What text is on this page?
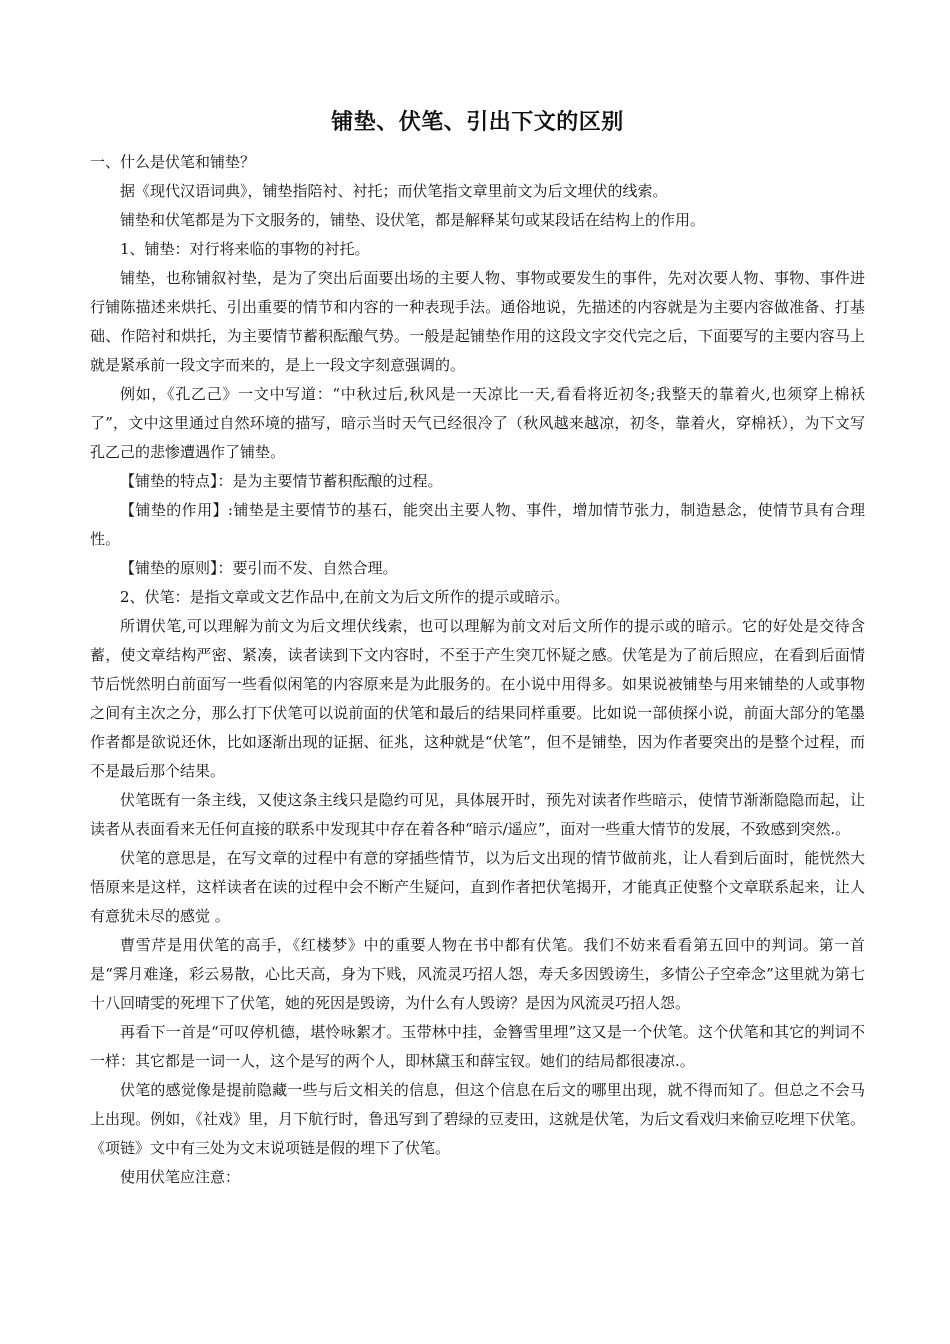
铺垫、伏笔、引出下文的区别

一、什么是伏笔和铺垫？

据《现代汉语词典》，铺垫指陪衬、衬托；而伏笔指文章里前文为后文埋伏的线索。

铺垫和伏笔都是为下文服务的，铺垫、设伏笔，都是解释某句或某段话在结构上的作用。

1、铺垫：对行将来临的事物的衬托。

铺垫，也称铺叙衬垫，是为了突出后面要出场的主要人物、事物或要发生的事件，先对次要人物、事物、事件进行铺陈描述来烘托、引出重要的情节和内容的一种表现手法。通俗地说，先描述的内容就是为主要内容做准备、打基础、作陪衬和烘托，为主要情节蓄积酝酿气势。一般是起铺垫作用的这段文字交代完之后，下面要写的主要内容马上就是紧承前一段文字而来的，是上一段文字刻意强调的。

例如，《孔乙己》一文中写道：“中秋过后,秋风是一天凉比一天,看看将近初冬;我整天的靠着火,也须穿上棉袄了”，文中这里通过自然环境的描写，暗示当时天气已经很冷了（秋风越来越凉，初冬，靠着火，穿棉袄），为下文写孔乙己的悲惨遭遇作了铺垫。

【铺垫的特点】：是为主要情节蓄积酝酿的过程。

【铺垫的作用】:铺垫是主要情节的基石，能突出主要人物、事件，增加情节张力，制造悬念，使情节具有合理性。

【铺垫的原则】：要引而不发、自然合理。

2、伏笔：是指文章或文艺作品中,在前文为后文所作的提示或暗示。

所谓伏笔,可以理解为前文为后文埋伏线索，也可以理解为前文对后文所作的提示或的暗示。它的好处是交待含蓄，使文章结构严密、紧凑，读者读到下文内容时，不至于产生突兀怀疑之感。伏笔是为了前后照应，在看到后面情节后恍然明白前面写一些看似闲笔的内容原来是为此服务的。在小说中用得多。如果说被铺垫与用来铺垫的人或事物之间有主次之分，那么打下伏笔可以说前面的伏笔和最后的结果同样重要。比如说一部侦探小说，前面大部分的笔墨作者都是欲说还休，比如逐渐出现的证据、征兆，这种就是“伏笔”，但不是铺垫，因为作者要突出的是整个过程，而不是最后那个结果。

伏笔既有一条主线，又使这条主线只是隐约可见，具体展开时，预先对读者作些暗示，使情节渐渐隐隐而起，让读者从表面看来无任何直接的联系中发现其中存在着各种“暗示/遥应”，面对一些重大情节的发展，不致感到突然.。

伏笔的意思是，在写文章的过程中有意的穿插些情节，以为后文出现的情节做前兆，让人看到后面时，能恍然大悟原来是这样，这样读者在读的过程中会不断产生疑问，直到作者把伏笔揭开，才能真正使整个文章联系起来，让人有意犹未尽的感觉 。

曹雪芹是用伏笔的高手，《红楼梦》中的重要人物在书中都有伏笔。我们不妨来看看第五回中的判词。第一首是“霁月难逢，彩云易散，心比天高，身为下贱，风流灵巧招人怨，寿夭多因毁谤生，多情公子空牵念”这里就为第七十八回晴雯的死埋下了伏笔，她的死因是毁谤，为什么有人毁谤？是因为风流灵巧招人怨。

再看下一首是“可叹停机德，堪怜咏絮才。玉带林中挂，金簪雪里埋”这又是一个伏笔。这个伏笔和其它的判词不一样：其它都是一词一人，这个是写的两个人，即林黛玉和薛宝钗。她们的结局都很凄凉.。

伏笔的感觉像是提前隐藏一些与后文相关的信息，但这个信息在后文的哪里出现，就不得而知了。但总之不会马上出现。例如，《社戏》里，月下航行时，鲁迅写到了碧绿的豆麦田，这就是伏笔，为后文看戏归来偷豆吃埋下伏笔。《项链》文中有三处为文末说项链是假的埋下了伏笔。

使用伏笔应注意：
